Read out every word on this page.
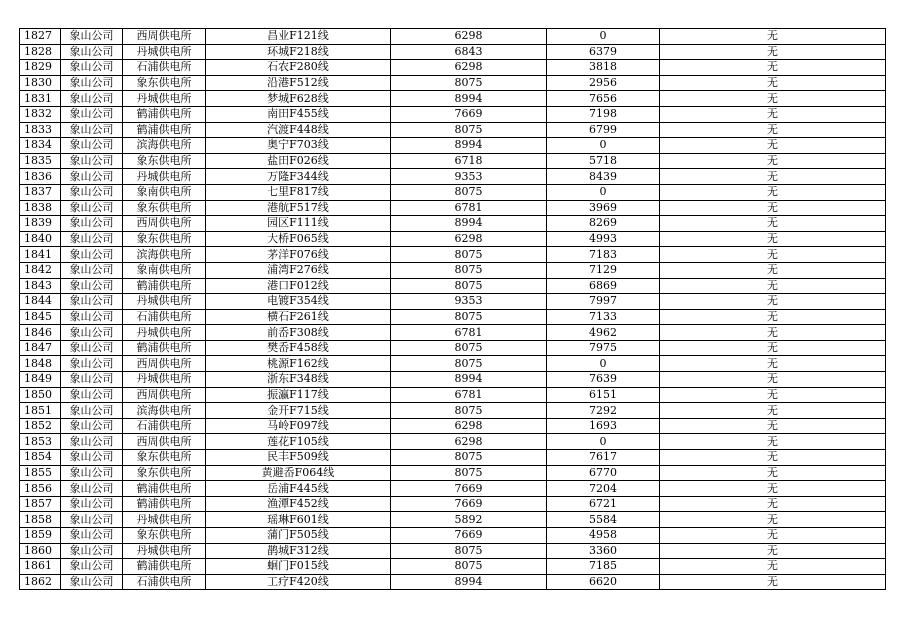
1827	象山公司	西周供电所	昌业F121线	6298	0	无
1828	象山公司	丹城供电所	环城F218线	6843	6379	无
1829	象山公司	石浦供电所	石农F280线	6298	3818	无
1830	象山公司	象东供电所	沿港F512线	8075	2956	无
1831	象山公司	丹城供电所	梦城F628线	8994	7656	无
1832	象山公司	鹤浦供电所	南田F455线	7669	7198	无
1833	象山公司	鹤浦供电所	汽渡F448线	8075	6799	无
1834	象山公司	滨海供电所	奥宁F703线	8994	0	无
1835	象山公司	象东供电所	盐田F026线	6718	5718	无
1836	象山公司	丹城供电所	万隆F344线	9353	8439	无
1837	象山公司	象南供电所	七里F817线	8075	0	无
1838	象山公司	象东供电所	港航F517线	6781	3969	无
1839	象山公司	西周供电所	园区F111线	8994	8269	无
1840	象山公司	象东供电所	大桥F065线	6298	4993	无
1841	象山公司	滨海供电所	茅洋F076线	8075	7183	无
1842	象山公司	象南供电所	浦湾F276线	8075	7129	无
1843	象山公司	鹤浦供电所	港口F012线	8075	6869	无
1844	象山公司	丹城供电所	电镀F354线	9353	7997	无
1845	象山公司	石浦供电所	横石F261线	8075	7133	无
1846	象山公司	丹城供电所	前岙F308线	6781	4962	无
1847	象山公司	鹤浦供电所	樊岙F458线	8075	7975	无
1848	象山公司	西周供电所	桃源F162线	8075	0	无
1849	象山公司	丹城供电所	浙东F348线	8994	7639	无
1850	象山公司	西周供电所	振瀛F117线	6781	6151	无
1851	象山公司	滨海供电所	金开F715线	8075	7292	无
1852	象山公司	石浦供电所	马岭F097线	6298	1693	无
1853	象山公司	西周供电所	莲花F105线	6298	0	无
1854	象山公司	象东供电所	民丰F509线	8075	7617	无
1855	象山公司	象东供电所	黄避岙F064线	8075	6770	无
1856	象山公司	鹤浦供电所	岳浦F445线	7669	7204	无
1857	象山公司	鹤浦供电所	渔潭F452线	7669	6721	无
1858	象山公司	丹城供电所	瑶琳F601线	5892	5584	无
1859	象山公司	象东供电所	蒲门F505线	7669	4958	无
1860	象山公司	丹城供电所	鹊城F312线	8075	3360	无
1861	象山公司	鹤浦供电所	蛔门F015线	8075	7185	无
1862	象山公司	石浦供电所	工疗F420线	8994	6620	无
